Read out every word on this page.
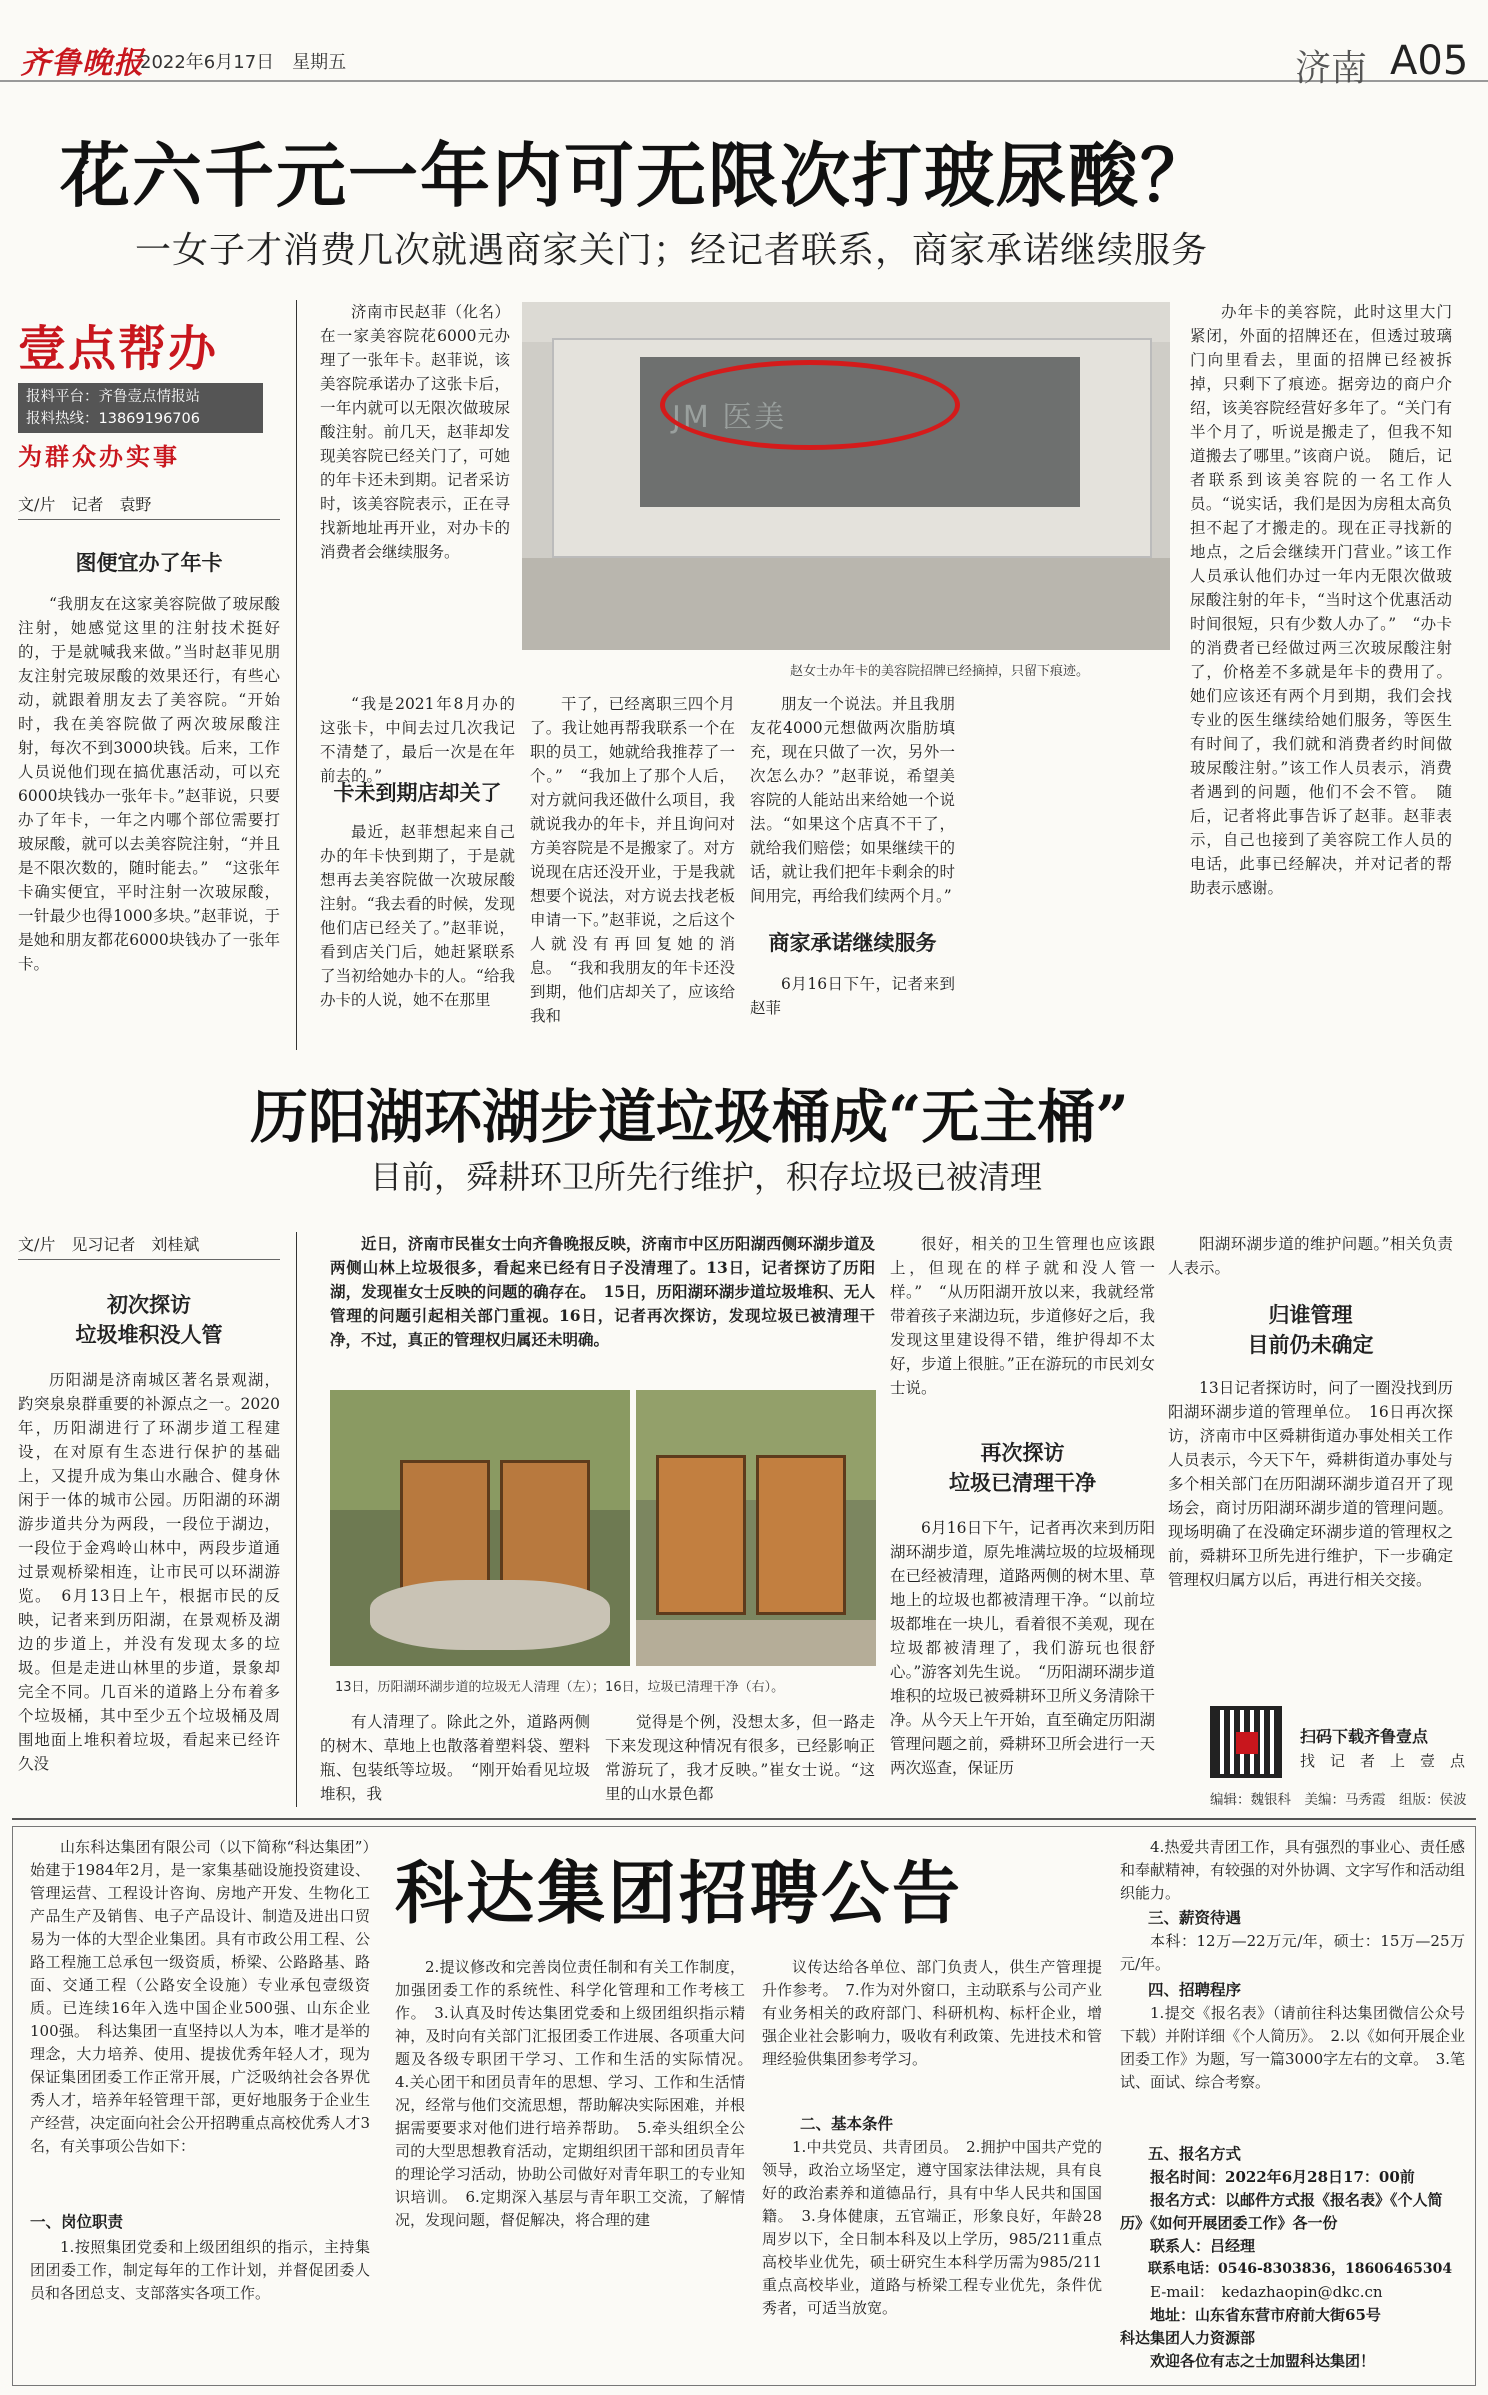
齐鲁晚报
2022年6月17日　星期五	济南 A05
花六千元一年内可无限次打玻尿酸？
一女子才消费几次就遇商家关门；经记者联系，商家承诺继续服务
壹点帮办
报料平台：齐鲁壹点情报站
报料热线：13869196706
为群众办实事
文/片　记者　袁野
图便宜办了年卡

“我朋友在这家美容院做了玻尿酸注射，她感觉这里的注射技术挺好的，于是就喊我来做。”当时赵菲见朋友注射完玻尿酸的效果还行，有些心动，就跟着朋友去了美容院。“开始时，我在美容院做了两次玻尿酸注射，每次不到3000块钱。后来，工作人员说他们现在搞优惠活动，可以充6000块钱办一张年卡。”赵菲说，只要办了年卡，一年之内哪个部位需要打玻尿酸，就可以去美容院注射，“并且是不限次数的，随时能去。”　“这张年卡确实便宜，平时注射一次玻尿酸，一针最少也得1000多块。”赵菲说，于是她和朋友都花6000块钱办了一张年卡。

济南市民赵菲（化名）在一家美容院花6000元办理了一张年卡。赵菲说，该美容院承诺办了这张卡后，一年内就可以无限次做玻尿酸注射。前几天，赵菲却发现美容院已经关门了，可她的年卡还未到期。记者采访时，该美容院表示，正在寻找新地址再开业，对办卡的消费者会继续服务。

JM 医美
赵女士办年卡的美容院招牌已经摘掉，只留下痕迹。

“我是2021年8月办的这张卡，中间去过几次我记不清楚了，最后一次是在年前去的。”

卡未到期店却关了

最近，赵菲想起来自己办的年卡快到期了，于是就想再去美容院做一次玻尿酸注射。“我去看的时候，发现他们店已经关了。”赵菲说，看到店关门后，她赶紧联系了当初给她办卡的人。“给我办卡的人说，她不在那里

干了，已经离职三四个月了。我让她再帮我联系一个在职的员工，她就给我推荐了一个。”　“我加上了那个人后，对方就问我还做什么项目，我就说我办的年卡，并且询问对方美容院是不是搬家了。对方说现在店还没开业，于是我就想要个说法，对方说去找老板申请一下。”赵菲说，之后这个人就没有再回复她的消息。　“我和我朋友的年卡还没到期，他们店却关了，应该给我和

朋友一个说法。并且我朋友花4000元想做两次脂肪填充，现在只做了一次，另外一次怎么办？”赵菲说，希望美容院的人能站出来给她一个说法。“如果这个店真不干了，就给我们赔偿；如果继续干的话，就让我们把年卡剩余的时间用完，再给我们续两个月。”

商家承诺继续服务

6月16日下午，记者来到赵菲

办年卡的美容院，此时这里大门紧闭，外面的招牌还在，但透过玻璃门向里看去，里面的招牌已经被拆掉，只剩下了痕迹。据旁边的商户介绍，该美容院经营好多年了。“关门有半个月了，听说是搬走了，但我不知道搬去了哪里。”该商户说。　随后，记者联系到该美容院的一名工作人员。“说实话，我们是因为房租太高负担不起了才搬走的。现在正寻找新的地点，之后会继续开门营业。”该工作人员承认他们办过一年内无限次做玻尿酸注射的年卡，“当时这个优惠活动时间很短，只有少数人办了。”　“办卡的消费者已经做过两三次玻尿酸注射了，价格差不多就是年卡的费用了。她们应该还有两个月到期，我们会找专业的医生继续给她们服务，等医生有时间了，我们就和消费者约时间做玻尿酸注射。”该工作人员表示，消费者遇到的问题，他们不会不管。　随后，记者将此事告诉了赵菲。赵菲表示，自己也接到了美容院工作人员的电话，此事已经解决，并对记者的帮助表示感谢。

历阳湖环湖步道垃圾桶成“无主桶”
目前，舜耕环卫所先行维护，积存垃圾已被清理
文/片　见习记者　刘桂斌
初次探访
垃圾堆积没人管

历阳湖是济南城区著名景观湖，趵突泉泉群重要的补源点之一。2020年，历阳湖进行了环湖步道工程建设，在对原有生态进行保护的基础上，又提升成为集山水融合、健身休闲于一体的城市公园。历阳湖的环湖游步道共分为两段，一段位于湖边，一段位于金鸡岭山林中，两段步道通过景观桥梁相连，让市民可以环湖游览。　6月13日上午，根据市民的反映，记者来到历阳湖，在景观桥及湖边的步道上，并没有发现太多的垃圾。但是走进山林里的步道，景象却完全不同。几百米的道路上分布着多个垃圾桶，其中至少五个垃圾桶及周围地面上堆积着垃圾，看起来已经许久没

近日，济南市民崔女士向齐鲁晚报反映，济南市中区历阳湖西侧环湖步道及两侧山林上垃圾很多，看起来已经有日子没清理了。13日，记者探访了历阳湖，发现崔女士反映的问题的确存在。　15日，历阳湖环湖步道垃圾堆积、无人管理的问题引起相关部门重视。16日，记者再次探访，发现垃圾已被清理干净，不过，真正的管理权归属还未明确。

13日，历阳湖环湖步道的垃圾无人清理（左）；16日，垃圾已清理干净（右）。

有人清理了。除此之外，道路两侧的树木、草地上也散落着塑料袋、塑料瓶、包装纸等垃圾。　“刚开始看见垃圾堆积，我

觉得是个例，没想太多，但一路走下来发现这种情况有很多，已经影响正常游玩了，我才反映。”崔女士说。“这里的山水景色都

很好，相关的卫生管理也应该跟上，但现在的样子就和没人管一样。”　“从历阳湖开放以来，我就经常带着孩子来湖边玩，步道修好之后，我发现这里建设得不错，维护得却不太好，步道上很脏。”正在游玩的市民刘女士说。

再次探访
垃圾已清理干净

6月16日下午，记者再次来到历阳湖环湖步道，原先堆满垃圾的垃圾桶现在已经被清理，道路两侧的树木里、草地上的垃圾也都被清理干净。“以前垃圾都堆在一块儿，看着很不美观，现在垃圾都被清理了，我们游玩也很舒心。”游客刘先生说。　“历阳湖环湖步道堆积的垃圾已被舜耕环卫所义务清除干净。从今天上午开始，直至确定历阳湖管理问题之前，舜耕环卫所会进行一天两次巡查，保证历

阳湖环湖步道的维护问题。”相关负责人表示。

归谁管理
目前仍未确定

13日记者探访时，问了一圈没找到历阳湖环湖步道的管理单位。　16日再次探访，济南市中区舜耕街道办事处相关工作人员表示，今天下午，舜耕街道办事处与多个相关部门在历阳湖环湖步道召开了现场会，商讨历阳湖环湖步道的管理问题。现场明确了在没确定环湖步道的管理权之前，舜耕环卫所先进行维护，下一步确定管理权归属方以后，再进行相关交接。

扫码下载齐鲁壹点
找　记　者　上　壹　点
编辑：魏银科　美编：马秀霞　组版：侯波

山东科达集团有限公司（以下简称“科达集团”）始建于1984年2月，是一家集基础设施投资建设、管理运营、工程设计咨询、房地产开发、生物化工产品生产及销售、电子产品设计、制造及进出口贸易为一体的大型企业集团。具有市政公用工程、公路工程施工总承包一级资质，桥梁、公路路基、路面、交通工程（公路安全设施）专业承包壹级资质。已连续16年入选中国企业500强、山东企业100强。　科达集团一直坚持以人为本，唯才是举的理念，大力培养、使用、提拔优秀年轻人才，现为保证集团团委工作正常开展，广泛吸纳社会各界优秀人才，培养年轻管理干部，更好地服务于企业生产经营，决定面向社会公开招聘重点高校优秀人才3名，有关事项公告如下：

一、岗位职责

1.按照集团党委和上级团组织的指示，主持集团团委工作，制定每年的工作计划，并督促团委人员和各团总支、支部落实各项工作。

科达集团招聘公告

2.提议修改和完善岗位责任制和有关工作制度，加强团委工作的系统性、科学化管理和工作考核工作。　3.认真及时传达集团党委和上级团组织指示精神，及时向有关部门汇报团委工作进展、各项重大问题及各级专职团干学习、工作和生活的实际情况。　4.关心团干和团员青年的思想、学习、工作和生活情况，经常与他们交流思想，帮助解决实际困难，并根据需要要求对他们进行培养帮助。　5.牵头组织全公司的大型思想教育活动，定期组织团干部和团员青年的理论学习活动，协助公司做好对青年职工的专业知识培训。　6.定期深入基层与青年职工交流，了解情况，发现问题，督促解决，将合理的建

议传达给各单位、部门负责人，供生产管理提升作参考。　7.作为对外窗口，主动联系与公司产业有业务相关的政府部门、科研机构、标杆企业，增强企业社会影响力，吸收有利政策、先进技术和管理经验供集团参考学习。

二、基本条件

1.中共党员、共青团员。　2.拥护中国共产党的领导，政治立场坚定，遵守国家法律法规，具有良好的政治素养和道德品行，具有中华人民共和国国籍。　3.身体健康，五官端正，形象良好，年龄28周岁以下，全日制本科及以上学历，985/211重点高校毕业优先，硕士研究生本科学历需为985/211重点高校毕业，道路与桥梁工程专业优先，条件优秀者，可适当放宽。

4.热爱共青团工作，具有强烈的事业心、责任感和奉献精神，有较强的对外协调、文字写作和活动组织能力。

三、薪资待遇

本科：12万—22万元/年，硕士：15万—25万元/年。

四、招聘程序

1.提交《报名表》（请前往科达集团微信公众号下载）并附详细《个人简历》。　2.以《如何开展企业团委工作》为题，写一篇3000字左右的文章。　3.笔试、面试、综合考察。

五、报名方式
报名时间：2022年6月28日17：00前
报名方式：以邮件方式报《报名表》《个人简历》《如何开展团委工作》各一份
联系人：吕经理
联系电话：0546-8303836，18606465304
E-mail：　kedazhaopin@dkc.cn
地址：山东省东营市府前大街65号
科达集团人力资源部
欢迎各位有志之士加盟科达集团！
